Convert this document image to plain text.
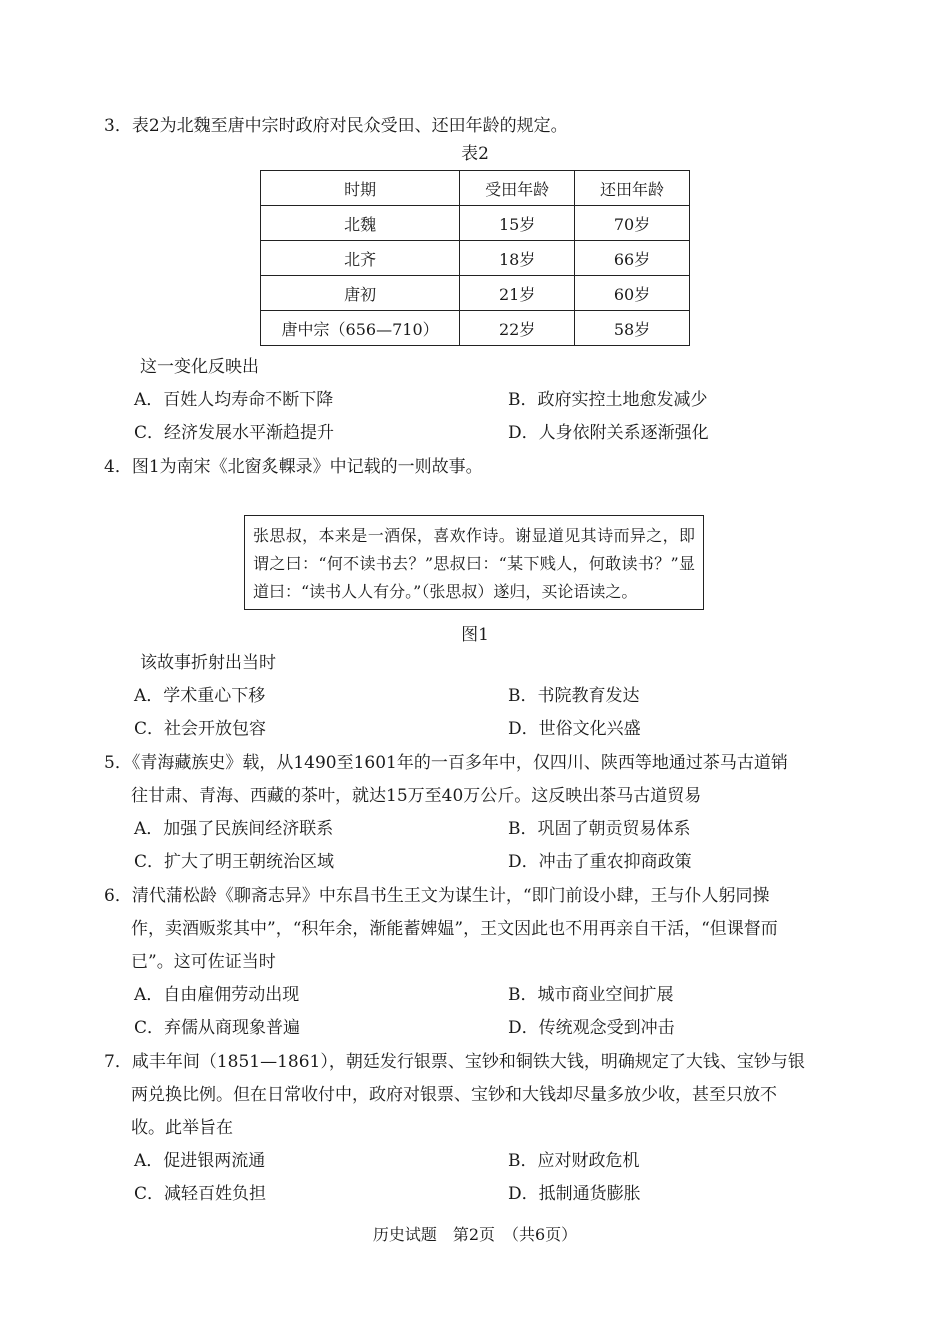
3．表2为北魏至唐中宗时政府对民众受田、还田年龄的规定。
表2
时期	受田年龄	还田年龄
北魏	15岁	70岁
北齐	18岁	66岁
唐初	21岁	60岁
唐中宗（656—710）	22岁	58岁
这一变化反映出
A．百姓人均寿命不断下降	B．政府实控土地愈发减少
C．经济发展水平渐趋提升	D．人身依附关系逐渐强化
4．图1为南宋《北窗炙輠录》中记载的一则故事。
张思叔，本来是一酒保，喜欢作诗。谢显道见其诗而异之，即谓之曰：“何不读书去？”思叔曰：“某下贱人，何敢读书？”显道曰：“读书人人有分。”（张思叔）遂归，买论语读之。
图1
该故事折射出当时
A．学术重心下移	B．书院教育发达
C．社会开放包容	D．世俗文化兴盛
5．《青海藏族史》载，从1490至1601年的一百多年中，仅四川、陕西等地通过茶马古道销
往甘肃、青海、西藏的茶叶，就达15万至40万公斤。这反映出茶马古道贸易
A．加强了民族间经济联系	B．巩固了朝贡贸易体系
C．扩大了明王朝统治区域	D．冲击了重农抑商政策
6．清代蒲松龄《聊斋志异》中东昌书生王文为谋生计，“即门前设小肆，王与仆人躬同操
作，卖酒贩浆其中”，“积年余，渐能蓄婢媪”，王文因此也不用再亲自干活，“但课督而
已”。这可佐证当时
A．自由雇佣劳动出现	B．城市商业空间扩展
C．弃儒从商现象普遍	D．传统观念受到冲击
7．咸丰年间（1851—1861），朝廷发行银票、宝钞和铜铁大钱，明确规定了大钱、宝钞与银
两兑换比例。但在日常收付中，政府对银票、宝钞和大钱却尽量多放少收，甚至只放不
收。此举旨在
A．促进银两流通	B．应对财政危机
C．减轻百姓负担	D．抵制通货膨胀
历史试题　第2页　（共6页）
